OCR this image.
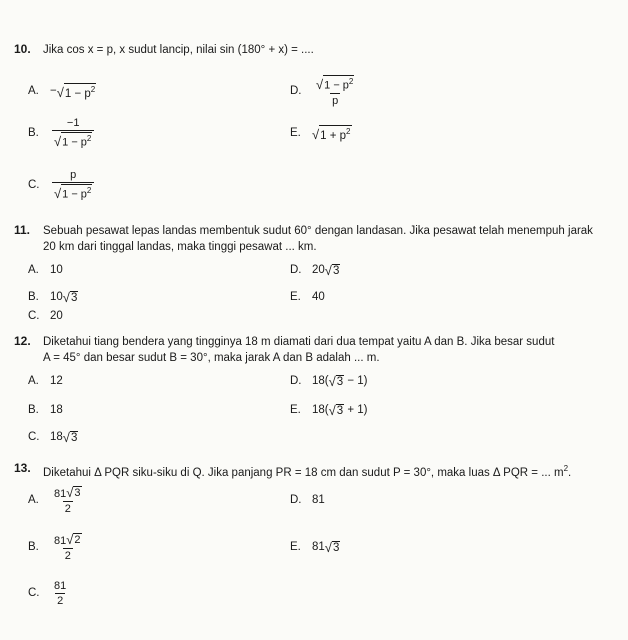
10. Jika cos x = p, x sudut lancip, nilai sin (180° + x) = ....
A. − √ $1 - p^2$	D. $\frac{√ 1 - p^2}{p}$
B.	$\frac{-1}{√ 1 - p^2}$	E. √ $1 + p^2$
C.	$\frac{p}{√ 1 - p^2}$
11. Sebuah pesawat lepas landas membentuk sudut 60° dengan landasan. Jika pesawat telah menempuh jarak
20 km dari tinggal landas, maka tinggi pesawat ... km.
A. 10	D. 20 √ 3
B. 10 √ 3	E. 40
C. 20
12. Diketahui tiang bendera yang tingginya 18 m diamati dari dua tempat yaitu A dan B. Jika besar sudut
A = 45° dan besar sudut B = 30°, maka jarak A dan B adalah ... m.
A. 12	D. 18( √ 3 − 1)
B. 18	E. 18( √ 3 + 1)
C. 18 √ 3
13. Diketahui Δ PQR siku-siku di Q. Jika panjang PR = 18 cm dan sudut P = 30°, maka luas Δ PQR = ... $m^2$.
A.	$\frac{81 √ 3}{2}$	D. 81
B.	$\frac{81 √ 2}{2}$	E. 81 √ 3
C.	$\frac{81}{2}$
